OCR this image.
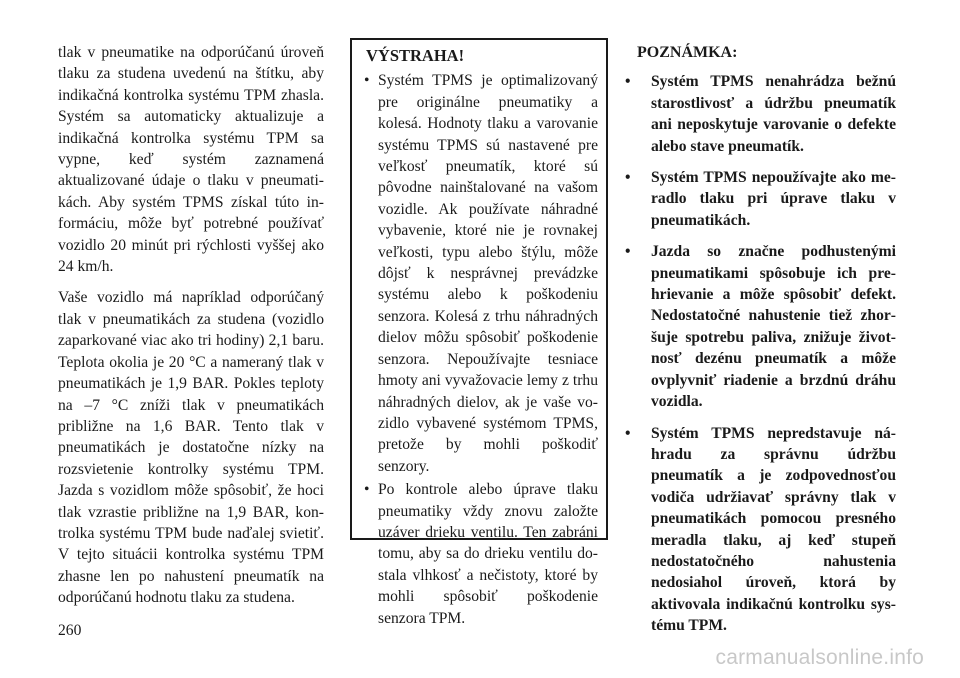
tlak v pneumatike na odporúčanú úroveň tlaku za studena uvedenú na štítku, aby indikačná kontrolka systému TPM zhasla. Systém sa automaticky aktualizuje a indikačná kontrolka systému TPM sa vypne, keď systém zaznamená aktualizované údaje o tlaku v pneumatikách. Aby systém TPMS získal túto informáciu, môže byť potrebné používať vozidlo 20 minút pri rýchlosti vyššej ako 24 km/h.

Vaše vozidlo má napríklad odporúčaný tlak v pneumatikách za studena (vozidlo zaparkované viac ako tri hodiny) 2,1 baru. Teplota okolia je 20 °C a nameraný tlak v pneumatikách je 1,9 BAR. Pokles teploty na –7 °C zníži tlak v pneumatikách približne na 1,6 BAR. Tento tlak v pneumatikách je dostatočne nízky na rozsvietenie kontrolky systému TPM. Jazda s vozidlom môže spôsobiť, že hoci tlak vzrastie približne na 1,9 BAR, kontrolka systému TPM bude naďalej svietiť. V tejto situácii kontrolka systému TPM zhasne len po nahustení pneumatík na odporúčanú hodnotu tlaku za studena.

VÝSTRAHA!
• Systém TPMS je optimalizovaný pre originálne pneumatiky a kolesá. Hodnoty tlaku a varovanie systému TPMS sú nastavené pre veľkosť pneumatík, ktoré sú pôvodne nainštalované na vašom vozidle. Ak používate náhradné vybavenie, ktoré nie je rovnakej veľkosti, typu alebo štýlu, môže dôjsť k nesprávnej prevádzke systému alebo k poškodeniu senzora. Kolesá z trhu náhradných dielov môžu spôsobiť poškodenie senzora. Nepoužívajte tesniace hmoty ani vyvažovacie lemy z trhu náhradných dielov, ak je vaše vozidlo vybavené systémom TPMS, pretože by mohli poškodiť senzory.
• Po kontrole alebo úprave tlaku pneumatiky vždy znovu založte uzáver drieku ventilu. Ten zabráni tomu, aby sa do drieku ventilu dostala vlhkosť a nečistoty, ktoré by mohli spôsobiť poškodenie senzora TPM.
POZNÁMKA:
• Systém TPMS nenahrádza bežnú starostlivosť a údržbu pneumatík ani neposkytuje varovanie o defekte alebo stave pneumatík.
• Systém TPMS nepoužívajte ako meradlo tlaku pri úprave tlaku v pneumatikách.
• Jazda so značne podhustenými pneumatikami spôsobuje ich prehrievanie a môže spôsobiť defekt. Nedostatočné nahustenie tiež zhoršuje spotrebu paliva, znižuje životnosť dezénu pneumatík a môže ovplyvniť riadenie a brzdnú dráhu vozidla.
• Systém TPMS nepredstavuje náhradu za správnu údržbu pneumatík a je zodpovednosťou vodiča udržiavať správny tlak v pneumatikách pomocou presného meradla tlaku, aj keď stupeň nedostatočného nahustenia nedosiahol úroveň, ktorá by aktivovala indikačnú kontrolku systému TPM.
260
carmanualsonline.info
